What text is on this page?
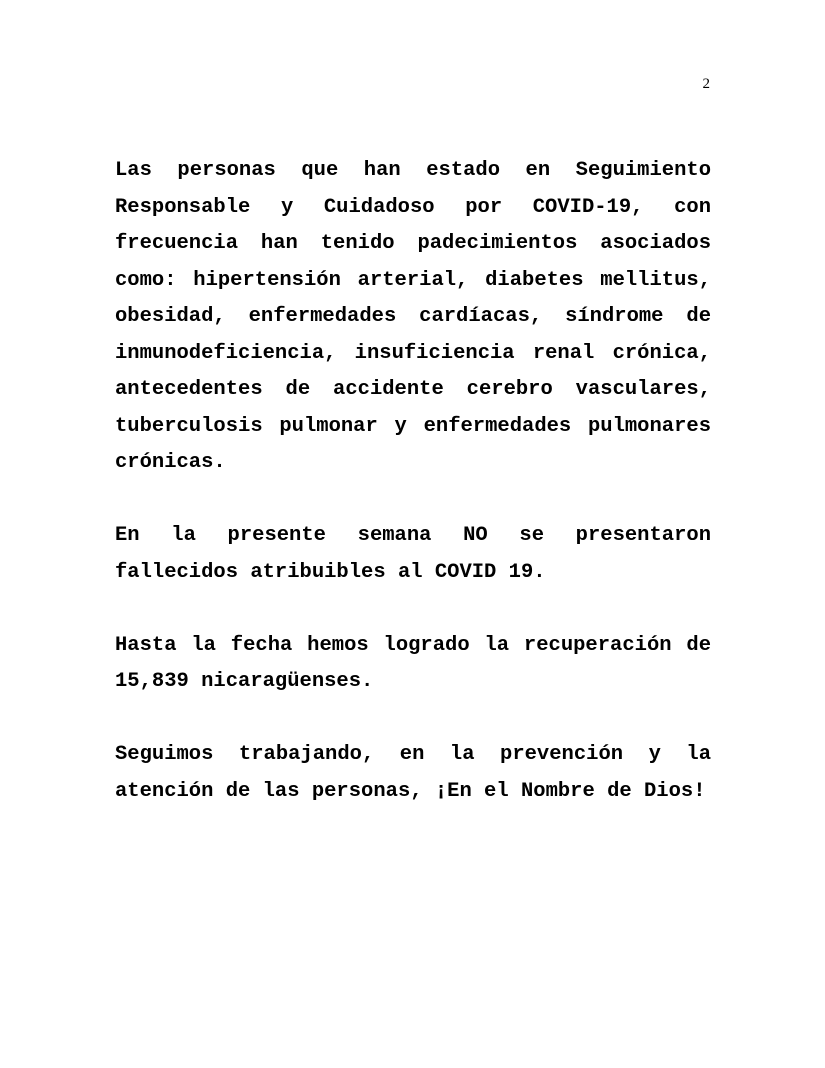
2

Las personas que han estado en Seguimiento Responsable y Cuidadoso por COVID-19, con frecuencia han tenido padecimientos asociados como: hipertensión arterial, diabetes mellitus, obesidad, enfermedades cardíacas, síndrome de inmunodeficiencia, insuficiencia renal crónica, antecedentes de accidente cerebro vasculares, tuberculosis pulmonar y enfermedades pulmonares crónicas.

En la presente semana NO se presentaron fallecidos atribuibles al COVID 19.

Hasta la fecha hemos logrado la recuperación de 15,839 nicaragüenses.

Seguimos trabajando, en la prevención y la atención de las personas, ¡En el Nombre de Dios!
